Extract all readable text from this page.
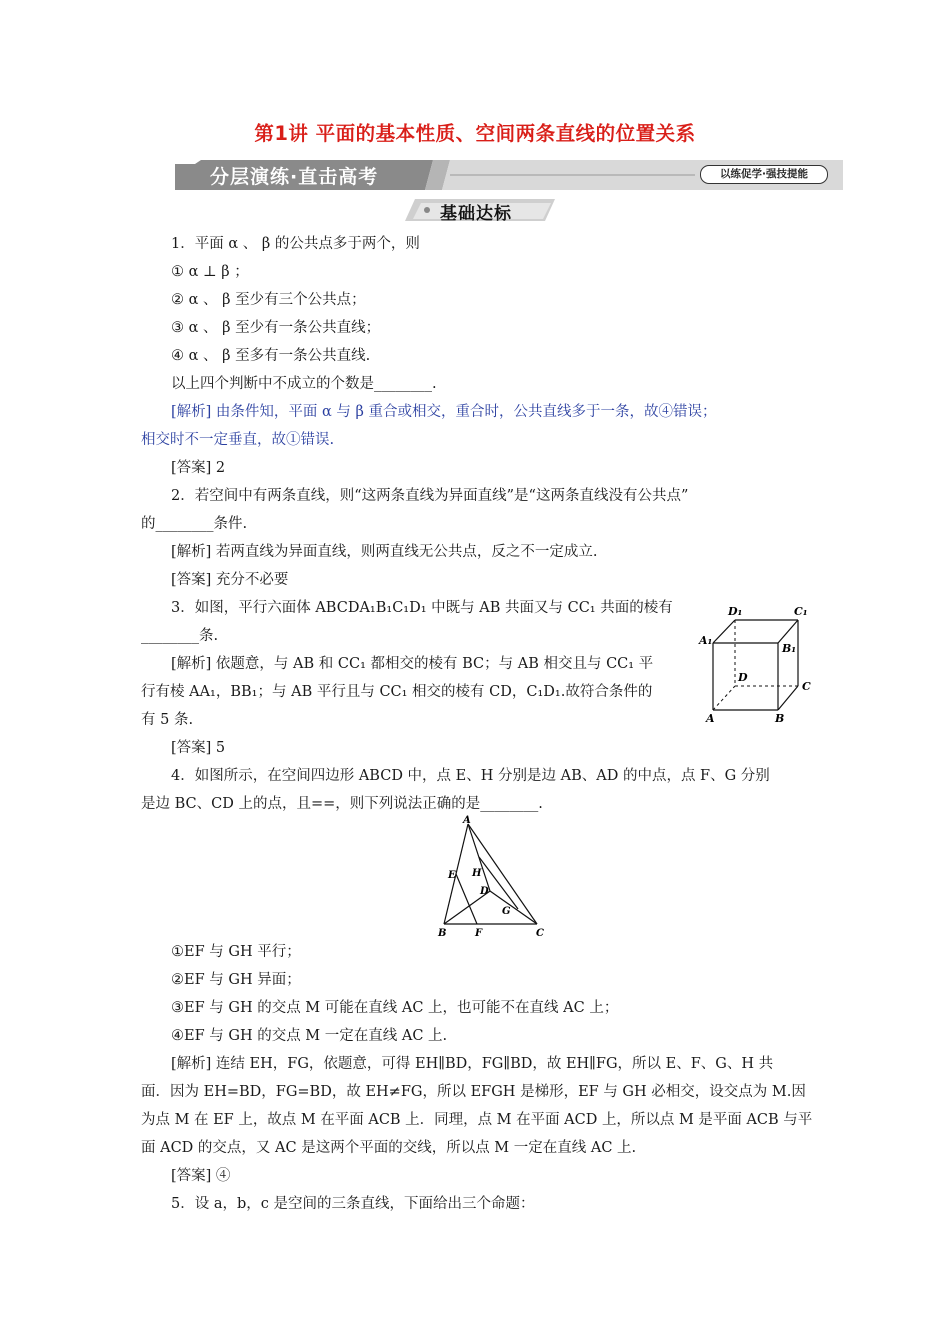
第1讲 平面的基本性质、空间两条直线的位置关系
分层演练·直击高考	以练促学·强技提能
基础达标
1．平面 α 、 β 的公共点多于两个，则
① α ⊥ β ；
② α 、 β 至少有三个公共点；
③ α 、 β 至少有一条公共直线；
④ α 、 β 至多有一条公共直线.
以上四个判断中不成立的个数是________.
[解析] 由条件知，平面 α 与 β 重合或相交，重合时，公共直线多于一条，故④错误；
相交时不一定垂直，故①错误.
[答案] 2
2．若空间中有两条直线，则“这两条直线为异面直线”是“这两条直线没有公共点”
的________条件.
[解析] 若两直线为异面直线，则两直线无公共点，反之不一定成立.
[答案] 充分不必要
3．如图，平行六面体 ABCDA₁B₁C₁D₁ 中既与 AB 共面又与 CC₁ 共面的棱有
________条.
[解析] 依题意，与 AB 和 CC₁ 都相交的棱有 BC；与 AB 相交且与 CC₁ 平
行有棱 AA₁，BB₁；与 AB 平行且与 CC₁ 相交的棱有 CD，C₁D₁.故符合条件的
有 5 条.
[答案] 5
D₁	C₁
A₁
B₁
D
C
A	B
4．如图所示，在空间四边形 ABCD 中，点 E、H 分别是边 AB、AD 的中点，点 F、G 分别
是边 BC、CD 上的点，且==，则下列说法正确的是________.
A
E H
D
G
B	F	C
①EF 与 GH 平行；
②EF 与 GH 异面；
③EF 与 GH 的交点 M 可能在直线 AC 上，也可能不在直线 AC 上；
④EF 与 GH 的交点 M 一定在直线 AC 上.
[解析] 连结 EH，FG，依题意，可得 EH∥BD，FG∥BD，故 EH∥FG，所以 E、F、G、H 共
面．因为 EH=BD，FG=BD，故 EH≠FG，所以 EFGH 是梯形，EF 与 GH 必相交，设交点为 M.因
为点 M 在 EF 上，故点 M 在平面 ACB 上．同理，点 M 在平面 ACD 上，所以点 M 是平面 ACB 与平
面 ACD 的交点，又 AC 是这两个平面的交线，所以点 M 一定在直线 AC 上.
[答案] ④
5．设 a，b，c 是空间的三条直线，下面给出三个命题：
